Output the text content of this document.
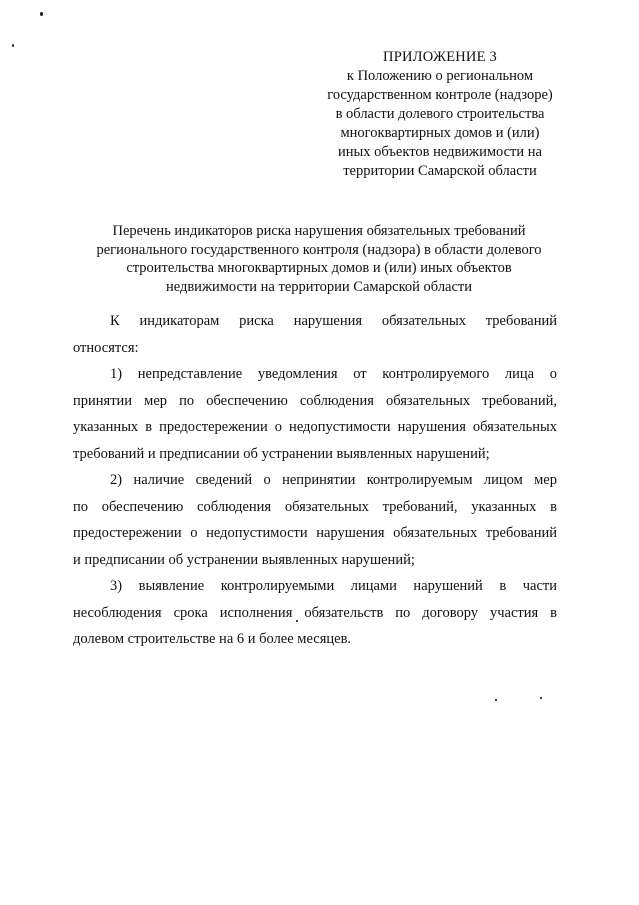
ПРИЛОЖЕНИЕ 3
к Положению о региональном
государственном контроле (надзоре)
в области долевого строительства
многоквартирных домов и (или)
иных объектов недвижимости на
территории Самарской области
Перечень индикаторов риска нарушения обязательных требований
регионального государственного контроля (надзора) в области долевого
строительства многоквартирных домов и (или) иных объектов
недвижимости на территории Самарской области
К индикаторам риска нарушения обязательных требований
относятся:
1) непредставление уведомления от контролируемого лица о
принятии мер по обеспечению соблюдения обязательных требований,
указанных в предостережении о недопустимости нарушения обязательных
требований и предписании об устранении выявленных нарушений;
2) наличие сведений о непринятии контролируемым лицом мер
по обеспечению соблюдения обязательных требований, указанных в
предостережении о недопустимости нарушения обязательных требований
и предписании об устранении выявленных нарушений;
3) выявление контролируемыми лицами нарушений в части
несоблюдения срока исполнения обязательств по договору участия в
долевом строительстве на 6 и более месяцев.
